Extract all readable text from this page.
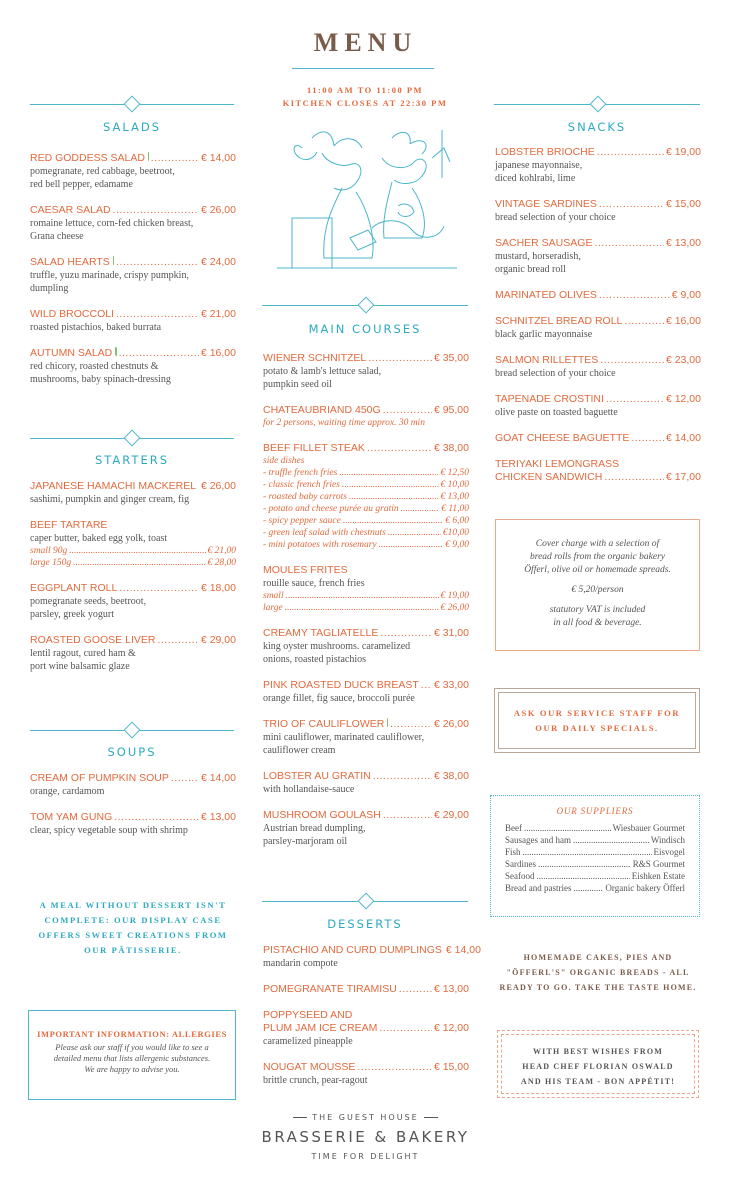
MENU
11:00 AM TO 11:00 PM
KITCHEN CLOSES AT 22:30 PM
SALADS	SNACKS
MAIN COURSES
STARTERS
SOUPS
DESSERTS
RED GODDESS SALAD .....	€ 14,00
pomegranate, red cabbage, beetroot,
red bell pepper, edamame
CAESAR SALAD .....	€ 26,00
romaine lettuce, corn-fed chicken breast,
Grana cheese
SALAD HEARTS .....	€ 24,00
truffle, yuzu marinade, crispy pumpkin,
dumpling
WILD BROCCOLI .....	€ 21,00
roasted pistachios, baked burrata
AUTUMN SALAD .....	€ 16,00
red chicory, roasted chestnuts &
mushrooms, baby spinach-dressing
JAPANESE HAMACHI MACKEREL ..... € 26,00
sashimi, pumpkin and ginger cream, fig
BEEF TARTARE
caper butter, baked egg yolk, toast
small 90g .....	€ 21,00
large 150g .....	€ 28,00
EGGPLANT ROLL .....	€ 18,00
pomegranate seeds, beetroot,
parsley, greek yogurt
ROASTED GOOSE LIVER .....	€ 29,00
lentil ragout, cured ham &
port wine balsamic glaze
CREAM OF PUMPKIN SOUP .....	€ 14,00
orange, cardamom
TOM YAM GUNG .....	€ 13,00
clear, spicy vegetable soup with shrimp
A MEAL WITHOUT DESSERT ISN'T
COMPLETE: OUR DISPLAY CASE
OFFERS SWEET CREATIONS FROM
OUR PÂTISSERIE.
IMPORTANT INFORMATION: ALLERGIES
Please ask our staff if you would like to see a
detailed menu that lists allergenic substances.
We are happy to advise you.
WIENER SCHNITZEL .....	€ 35,00
potato & lamb's lettuce salad,
pumpkin seed oil
CHATEAUBRIAND 450G .....	€ 95,00
for 2 persons, waiting time approx. 30 min
BEEF FILLET STEAK .....	€ 38,00
side dishes
- truffle french fries .....	€ 12,50
- classic french fries .....	€ 10,00
- roasted baby carrots .....	€ 13,00
- potato and cheese purée au gratin .....	€ 11,00
- spicy pepper sauce .....	€ 6,00
- green leaf salad with chestnuts .....	€10,00
- mini potatoes with rosemary .....	€ 9,00
MOULES FRITES
rouille sauce, french fries
small .....	€ 19,00
large .....	€ 26,00
CREAMY TAGLIATELLE .....	€ 31,00
king oyster mushrooms. caramelized
onions, roasted pistachios
PINK ROASTED DUCK BREAST ..... € 33,00
orange fillet, fig sauce, broccoli purée
TRIO OF CAULIFLOWER .....	€ 26,00
mini cauliflower, marinated cauliflower,
cauliflower cream
LOBSTER AU GRATIN .....	€ 38,00
with hollandaise-sauce
MUSHROOM GOULASH .....	€ 29,00
Austrian bread dumpling,
parsley-marjoram oil
PISTACHIO AND CURD DUMPLINGS € 14,00
mandarin compote
POMEGRANATE TIRAMISU .....	€ 13,00
POPPYSEED AND
PLUM JAM ICE CREAM .....	€ 12,00
caramelized pineapple
NOUGAT MOUSSE .....	€ 15,00
brittle crunch, pear-ragout
LOBSTER BRIOCHE .....	€ 19,00
japanese mayonnaise,
diced kohlrabi, lime
VINTAGE SARDINES .....	€ 15,00
bread selection of your choice
SACHER SAUSAGE .....	€ 13,00
mustard, horseradish,
organic bread roll
MARINATED OLIVES .....	€ 9,00
SCHNITZEL BREAD ROLL .....	€ 16,00
black garlic mayonnaise
SALMON RILLETTES .....	€ 23,00
bread selection of your choice
TAPENADE CROSTINI .....	€ 12,00
olive paste on toasted baguette
GOAT CHEESE BAGUETTE .....	€ 14,00
TERIYAKI LEMONGRASS
CHICKEN SANDWICH .....	€ 17,00
Cover charge with a selection of
bread rolls from the organic bakery
Öfferl, olive oil or homemade spreads.
€ 5,20/person
statutory VAT is included
in all food & beverage.
ASK OUR SERVICE STAFF FOR
OUR DAILY SPECIALS.
OUR SUPPLIERS
Beef .....	Wiesbauer Gourmet
Sausages and ham .....	Windisch
Fish .....	Eisvogel
Sardines .....	R&S Gourmet
Seafood .....	Eishken Estate
Bread and pastries .....	Organic bakery Öfferl
HOMEMADE CAKES, PIES AND
"ÖFFERL'S" ORGANIC BREADS - ALL
READY TO GO. TAKE THE TASTE HOME.
WITH BEST WISHES FROM
HEAD CHEF FLORIAN OSWALD
AND HIS TEAM - BON APPÉTIT!
THE GUEST HOUSE
BRASSERIE & BAKERY
TIME FOR DELIGHT
